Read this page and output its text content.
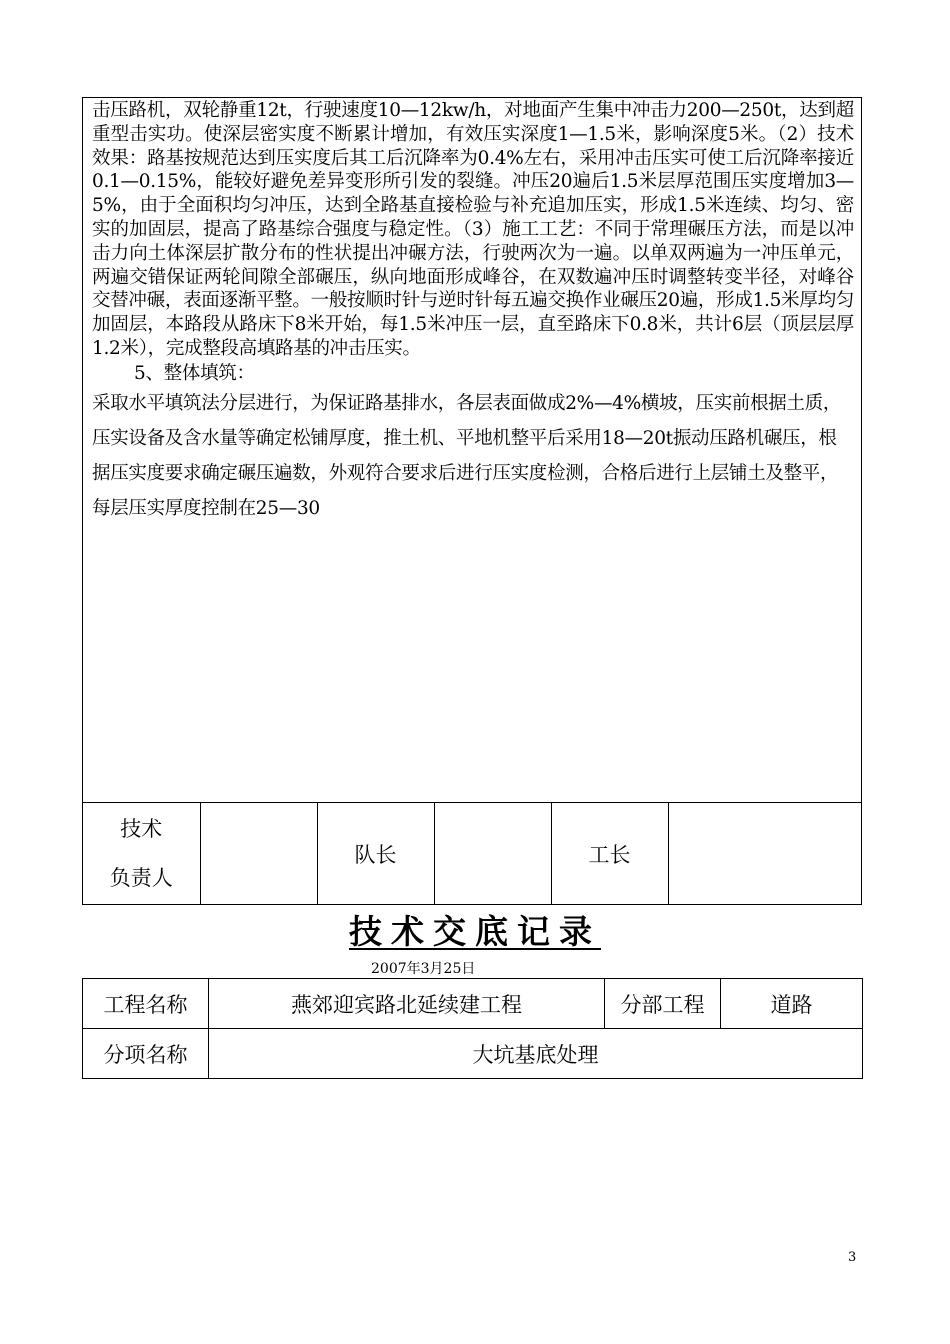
击压路机，双轮静重12t，行驶速度10—12kw/h，对地面产生集中冲击力200—250t，达到超重型击实功。使深层密实度不断累计增加，有效压实深度1—1.5米，影响深度5米。（2）技术效果：路基按规范达到压实度后其工后沉降率为0.4%左右，采用冲击压实可使工后沉降率接近0.1—0.15%，能较好避免差异变形所引发的裂缝。冲压20遍后1.5米层厚范围压实度增加3—5%，由于全面积均匀冲压，达到全路基直接检验与补充追加压实，形成1.5米连续、均匀、密实的加固层，提高了路基综合强度与稳定性。（3）施工工艺：不同于常理碾压方法，而是以冲击力向土体深层扩散分布的性状提出冲碾方法，行驶两次为一遍。以单双两遍为一冲压单元，两遍交错保证两轮间隙全部碾压，纵向地面形成峰谷，在双数遍冲压时调整转变半径，对峰谷交替冲碾，表面逐渐平整。一般按顺时针与逆时针每五遍交换作业碾压20遍，形成1.5米厚均匀加固层，本路段从路床下8米开始，每1.5米冲压一层，直至路床下0.8米，共计6层（顶层层厚1.2米），完成整段高填路基的冲击压实。

5、整体填筑：

采取水平填筑法分层进行，为保证路基排水，各层表面做成2%—4%横坡，压实前根据土质，压实设备及含水量等确定松铺厚度，推土机、平地机整平后采用18—20t振动压路机碾压，根据压实度要求确定碾压遍数，外观符合要求后进行压实度检测，合格后进行上层铺土及整平，每层压实厚度控制在25—30

技术
负责人
		队长		工长	
技术交底记录
2007年3月25日
工程名称	燕郊迎宾路北延续建工程	分部工程	道路
分项名称	大坑基底处理		
3
